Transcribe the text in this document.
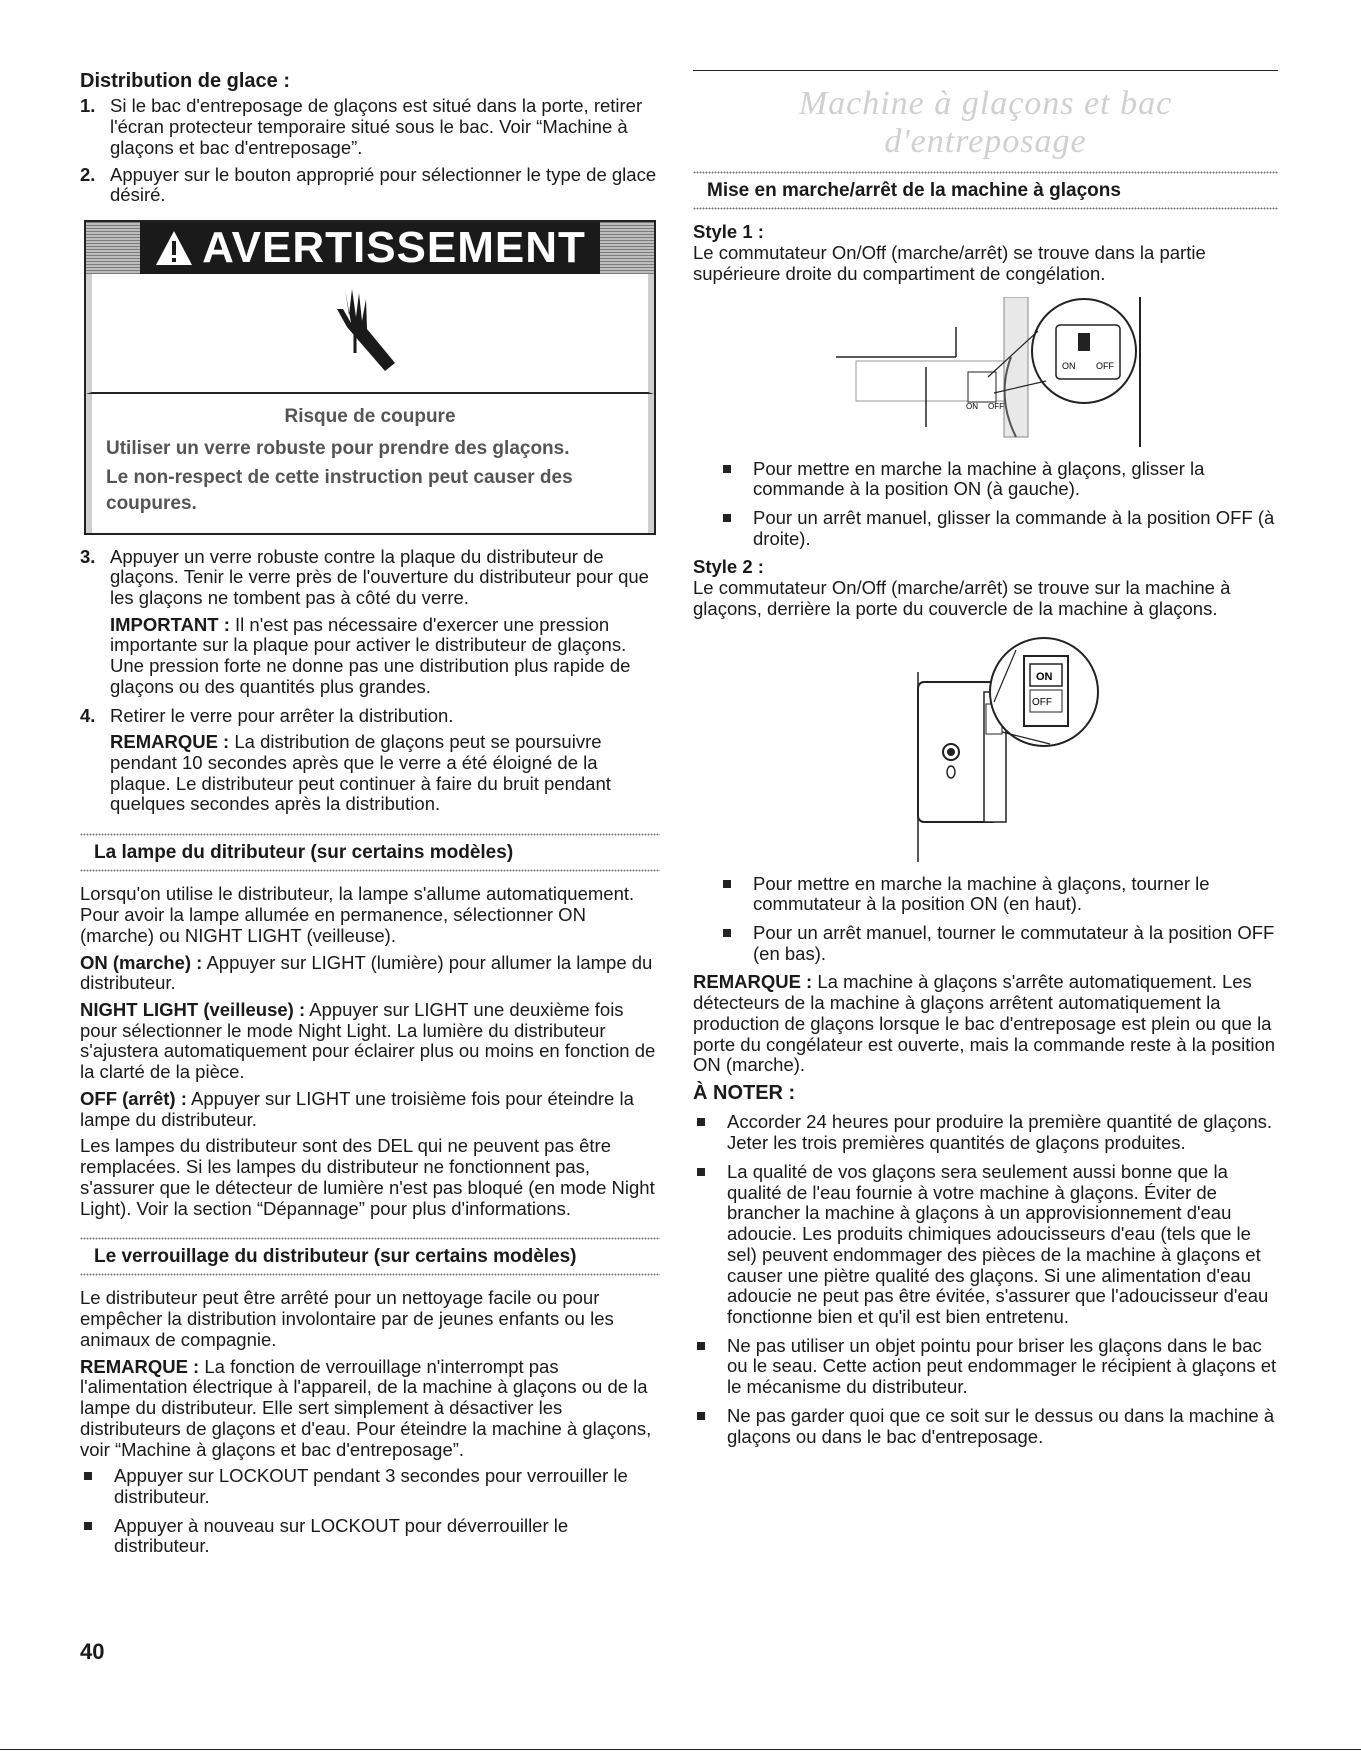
Distribution de glace :
1. Si le bac d'entreposage de glaçons est situé dans la porte, retirer l'écran protecteur temporaire situé sous le bac. Voir “Machine à glaçons et bac d'entreposage”.
2. Appuyer sur le bouton approprié pour sélectionner le type de glace désiré.
AVERTISSEMENT

Risque de coupure

Utiliser un verre robuste pour prendre des glaçons.

Le non-respect de cette instruction peut causer des coupures.

3. Appuyer un verre robuste contre la plaque du distributeur de glaçons. Tenir le verre près de l'ouverture du distributeur pour que les glaçons ne tombent pas à côté du verre.

IMPORTANT : Il n'est pas nécessaire d'exercer une pression importante sur la plaque pour activer le distributeur de glaçons. Une pression forte ne donne pas une distribution plus rapide de glaçons ou des quantités plus grandes.

4. Retirer le verre pour arrêter la distribution.

REMARQUE : La distribution de glaçons peut se poursuivre pendant 10 secondes après que le verre a été éloigné de la plaque. Le distributeur peut continuer à faire du bruit pendant quelques secondes après la distribution.

La lampe du ditributeur (sur certains modèles)

Lorsqu'on utilise le distributeur, la lampe s'allume automatiquement. Pour avoir la lampe allumée en permanence, sélectionner ON (marche) ou NIGHT LIGHT (veilleuse).

ON (marche) : Appuyer sur LIGHT (lumière) pour allumer la lampe du distributeur.

NIGHT LIGHT (veilleuse) : Appuyer sur LIGHT une deuxième fois pour sélectionner le mode Night Light. La lumière du distributeur s'ajustera automatiquement pour éclairer plus ou moins en fonction de la clarté de la pièce.

OFF (arrêt) : Appuyer sur LIGHT une troisième fois pour éteindre la lampe du distributeur.

Les lampes du distributeur sont des DEL qui ne peuvent pas être remplacées. Si les lampes du distributeur ne fonctionnent pas, s'assurer que le détecteur de lumière n'est pas bloqué (en mode Night Light). Voir la section “Dépannage” pour plus d'informations.

Le verrouillage du distributeur (sur certains modèles)

Le distributeur peut être arrêté pour un nettoyage facile ou pour empêcher la distribution involontaire par de jeunes enfants ou les animaux de compagnie.

REMARQUE : La fonction de verrouillage n'interrompt pas l'alimentation électrique à l'appareil, de la machine à glaçons ou de la lampe du distributeur. Elle sert simplement à désactiver les distributeurs de glaçons et d'eau. Pour éteindre la machine à glaçons, voir “Machine à glaçons et bac d'entreposage”.

Appuyer sur LOCKOUT pendant 3 secondes pour verrouiller le distributeur.
Appuyer à nouveau sur LOCKOUT pour déverrouiller le distributeur.
Machine à glaçons et bac d'entreposage
Mise en marche/arrêt de la machine à glaçons

Style 1 :

Le commutateur On/Off (marche/arrêt) se trouve dans la partie supérieure droite du compartiment de congélation.

ON OFF
ON OFF
Pour mettre en marche la machine à glaçons, glisser la commande à la position ON (à gauche).
Pour un arrêt manuel, glisser la commande à la position OFF (à droite).

Style 2 :

Le commutateur On/Off (marche/arrêt) se trouve sur la machine à glaçons, derrière la porte du couvercle de la machine à glaçons.

ON
OFF
Pour mettre en marche la machine à glaçons, tourner le commutateur à la position ON (en haut).
Pour un arrêt manuel, tourner le commutateur à la position OFF (en bas).

REMARQUE : La machine à glaçons s'arrête automatiquement. Les détecteurs de la machine à glaçons arrêtent automatiquement la production de glaçons lorsque le bac d'entreposage est plein ou que la porte du congélateur est ouverte, mais la commande reste à la position ON (marche).

À NOTER :

Accorder 24 heures pour produire la première quantité de glaçons. Jeter les trois premières quantités de glaçons produites.
La qualité de vos glaçons sera seulement aussi bonne que la qualité de l'eau fournie à votre machine à glaçons. Éviter de brancher la machine à glaçons à un approvisionnement d'eau adoucie. Les produits chimiques adoucisseurs d'eau (tels que le sel) peuvent endommager des pièces de la machine à glaçons et causer une piètre qualité des glaçons. Si une alimentation d'eau adoucie ne peut pas être évitée, s'assurer que l'adoucisseur d'eau fonctionne bien et qu'il est bien entretenu.
Ne pas utiliser un objet pointu pour briser les glaçons dans le bac ou le seau. Cette action peut endommager le récipient à glaçons et le mécanisme du distributeur.
Ne pas garder quoi que ce soit sur le dessus ou dans la machine à glaçons ou dans le bac d'entreposage.
40
